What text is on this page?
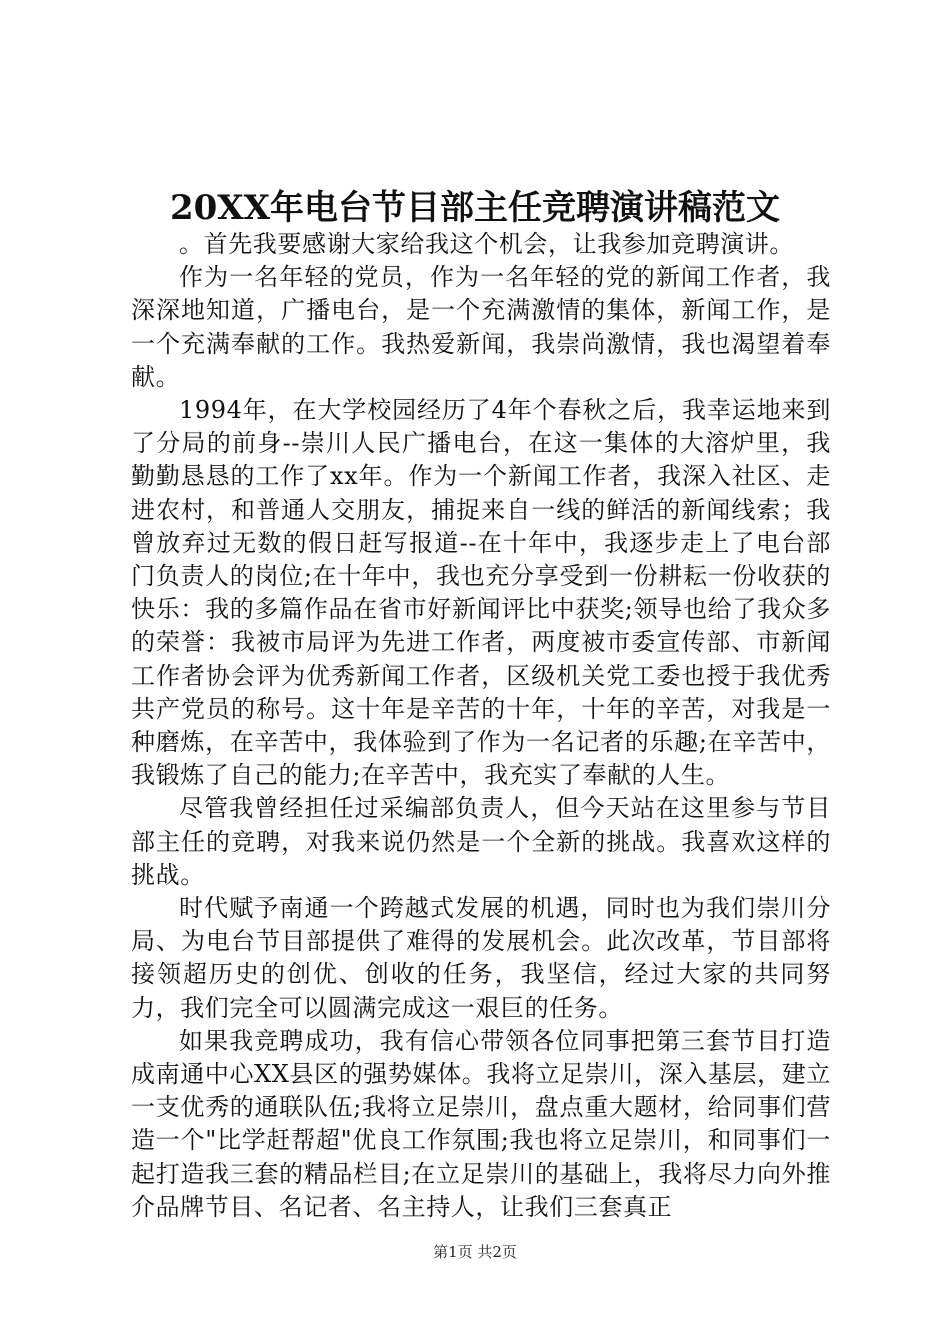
20XX年电台节目部主任竞聘演讲稿范文

。首先我要感谢大家给我这个机会，让我参加竞聘演讲。

作为一名年轻的党员，作为一名年轻的党的新闻工作者，我深深地知道，广播电台，是一个充满激情的集体，新闻工作，是一个充满奉献的工作。我热爱新闻，我崇尚激情，我也渴望着奉献。

1994年，在大学校园经历了4年个春秋之后，我幸运地来到了分局的前身--崇川人民广播电台，在这一集体的大溶炉里，我勤勤恳恳的工作了xx年。作为一个新闻工作者，我深入社区、走进农村，和普通人交朋友，捕捉来自一线的鲜活的新闻线索；我曾放弃过无数的假日赶写报道--在十年中，我逐步走上了电台部门负责人的岗位;在十年中，我也充分享受到一份耕耘一份收获的快乐：我的多篇作品在省市好新闻评比中获奖;领导也给了我众多的荣誉：我被市局评为先进工作者，两度被市委宣传部、市新闻工作者协会评为优秀新闻工作者，区级机关党工委也授于我优秀共产党员的称号。这十年是辛苦的十年，十年的辛苦，对我是一种磨炼，在辛苦中，我体验到了作为一名记者的乐趣;在辛苦中，我锻炼了自己的能力;在辛苦中，我充实了奉献的人生。

尽管我曾经担任过采编部负责人，但今天站在这里参与节目部主任的竞聘，对我来说仍然是一个全新的挑战。我喜欢这样的挑战。

时代赋予南通一个跨越式发展的机遇，同时也为我们崇川分局、为电台节目部提供了难得的发展机会。此次改革，节目部将接领超历史的创优、创收的任务，我坚信，经过大家的共同努力，我们完全可以圆满完成这一艰巨的任务。

如果我竞聘成功，我有信心带领各位同事把第三套节目打造成南通中心XX县区的强势媒体。我将立足崇川，深入基层，建立一支优秀的通联队伍;我将立足崇川，盘点重大题材，给同事们营造一个"比学赶帮超"优良工作氛围;我也将立足崇川，和同事们一起打造我三套的精品栏目;在立足崇川的基础上，我将尽力向外推介品牌节目、名记者、名主持人，让我们三套真正

第1页 共2页
